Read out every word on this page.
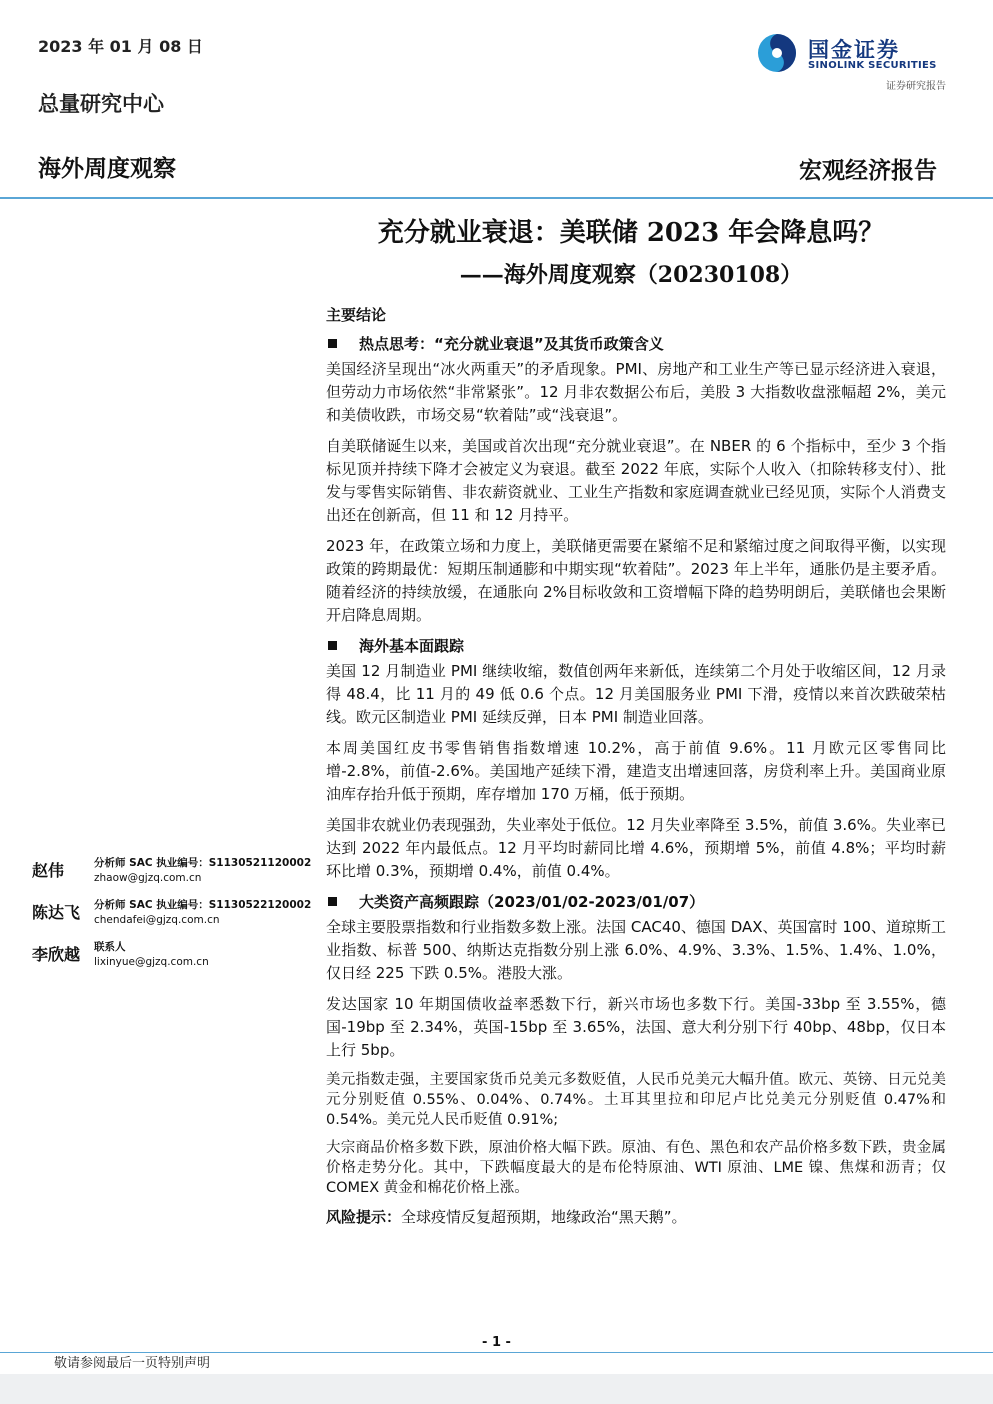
2023 年 01 月 08 日
总量研究中心
海外周度观察	宏观经济报告
国金证券
SINOLINK SECURITIES
证券研究报告
充分就业衰退：美联储 2023 年会降息吗？
——海外周度观察（20230108）
主要结论
热点思考：“充分就业衰退”及其货币政策含义

美国经济呈现出“冰火两重天”的矛盾现象。PMI、房地产和工业生产等已显示经济进入衰退，但劳动力市场依然“非常紧张”。12 月非农数据公布后，美股 3 大指数收盘涨幅超 2%，美元和美债收跌，市场交易“软着陆”或“浅衰退”。

自美联储诞生以来，美国或首次出现“充分就业衰退”。在 NBER 的 6 个指标中，至少 3 个指标见顶并持续下降才会被定义为衰退。截至 2022 年底，实际个人收入（扣除转移支付）、批发与零售实际销售、非农薪资就业、工业生产指数和家庭调查就业已经见顶，实际个人消费支出还在创新高，但 11 和 12 月持平。

2023 年，在政策立场和力度上，美联储更需要在紧缩不足和紧缩过度之间取得平衡，以实现政策的跨期最优：短期压制通膨和中期实现“软着陆”。2023 年上半年，通胀仍是主要矛盾。随着经济的持续放缓，在通胀向 2%目标收敛和工资增幅下降的趋势明朗后，美联储也会果断开启降息周期。

海外基本面跟踪

美国 12 月制造业 PMI 继续收缩，数值创两年来新低，连续第二个月处于收缩区间，12 月录得 48.4，比 11 月的 49 低 0.6 个点。12 月美国服务业 PMI 下滑，疫情以来首次跌破荣枯线。欧元区制造业 PMI 延续反弹，日本 PMI 制造业回落。

本周美国红皮书零售销售指数增速 10.2%，高于前值 9.6%。11 月欧元区零售同比增-2.8%，前值-2.6%。美国地产延续下滑，建造支出增速回落，房贷利率上升。美国商业原油库存抬升低于预期，库存增加 170 万桶，低于预期。

美国非农就业仍表现强劲，失业率处于低位。12 月失业率降至 3.5%，前值 3.6%。失业率已达到 2022 年内最低点。12 月平均时薪同比增 4.6%，预期增 5%，前值 4.8%；平均时薪环比增 0.3%，预期增 0.4%，前值 0.4%。

大类资产高频跟踪（2023/01/02-2023/01/07）

全球主要股票指数和行业指数多数上涨。法国 CAC40、德国 DAX、英国富时 100、道琼斯工业指数、标普 500、纳斯达克指数分别上涨 6.0%、4.9%、3.3%、1.5%、1.4%、1.0%，仅日经 225 下跌 0.5%。港股大涨。

发达国家 10 年期国债收益率悉数下行，新兴市场也多数下行。美国-33bp 至 3.55%，德国-19bp 至 2.34%，英国-15bp 至 3.65%，法国、意大利分别下行 40bp、48bp，仅日本上行 5bp。

美元指数走强，主要国家货币兑美元多数贬值，人民币兑美元大幅升值。欧元、英镑、日元兑美元分别贬值 0.55%、0.04%、0.74%。土耳其里拉和印尼卢比兑美元分别贬值 0.47%和 0.54%。美元兑人民币贬值 0.91%;

大宗商品价格多数下跌，原油价格大幅下跌。原油、有色、黑色和农产品价格多数下跌，贵金属价格走势分化。其中，下跌幅度最大的是布伦特原油、WTI 原油、LME 镍、焦煤和沥青；仅 COMEX 黄金和棉花价格上涨。

风险提示：全球疫情反复超预期，地缘政治“黑天鹅”。

赵伟	分析师 SAC 执业编号：S1130521120002
zhaow@gjzq.com.cn
陈达飞	分析师 SAC 执业编号：S1130522120002
chendafei@gjzq.com.cn
李欣越	联系人
lixinyue@gjzq.com.cn
- 1 -
敬请参阅最后一页特别声明
